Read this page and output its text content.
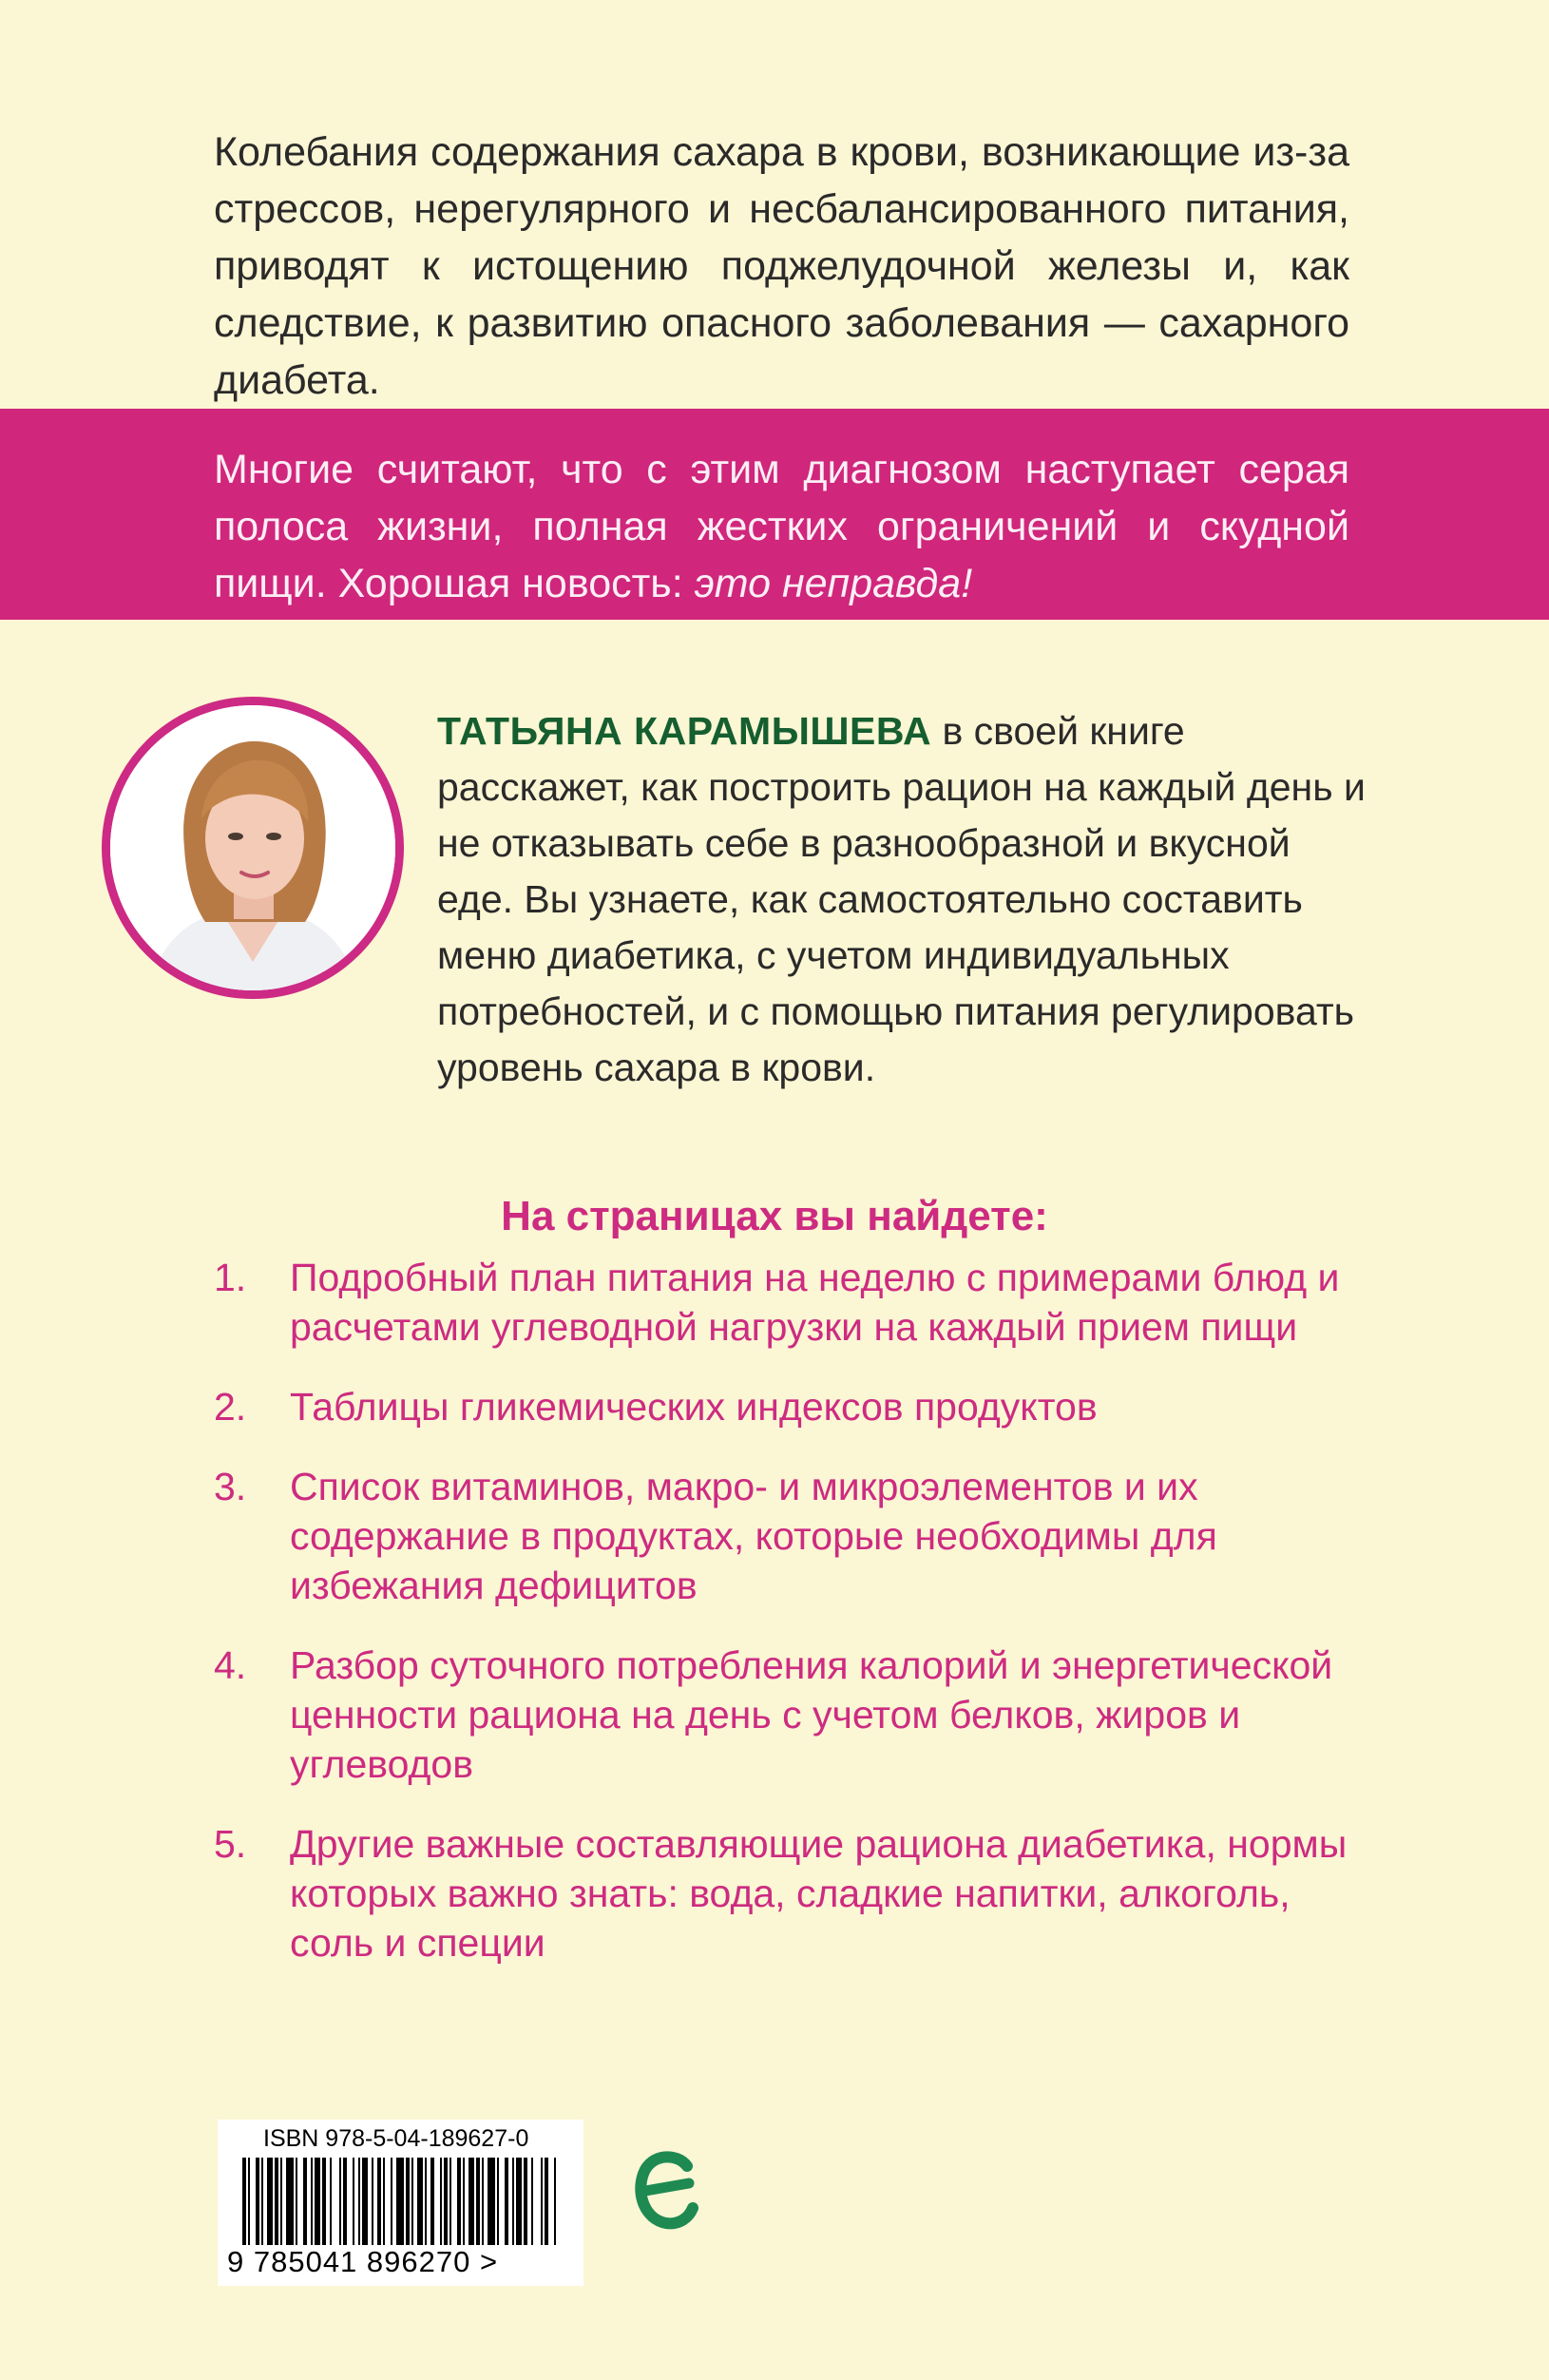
Колебания содержания сахара в крови, возникающие из-за стрессов, нерегулярного и несбалансированного питания, приводят к истощению поджелудочной железы и, как следствие, к развитию опасного заболевания — сахарного диабета.

Многие считают, что с этим диагнозом наступает серая полоса жизни, полная жестких ограничений и скудной пищи. Хорошая новость: это неправда!

ТАТЬЯНА КАРАМЫШЕВА в своей книге расскажет, как построить рацион на каждый день и не отказывать себе в разнообразной и вкусной еде. Вы узнаете, как самостоятельно составить меню диабетика, с учетом индивидуальных потребностей, и с помощью питания регулировать уровень сахара в крови.

На страницах вы найдете:
1.	Подробный план питания на неделю с примерами блюд и расчетами углеводной нагрузки на каждый прием пищи
2.	Таблицы гликемических индексов продуктов
3.	Список витаминов, макро- и микроэлементов и их содержание в продуктах, которые необходимы для избежания дефицитов
4.	Разбор суточного потребления калорий и энергетической ценности рациона на день с учетом белков, жиров и углеводов
5.	Другие важные составляющие рациона диабетика, нормы которых важно знать: вода, сладкие напитки, алкоголь, соль и специи
ISBN 978-5-04-189627-0
9 785041 896270 >
